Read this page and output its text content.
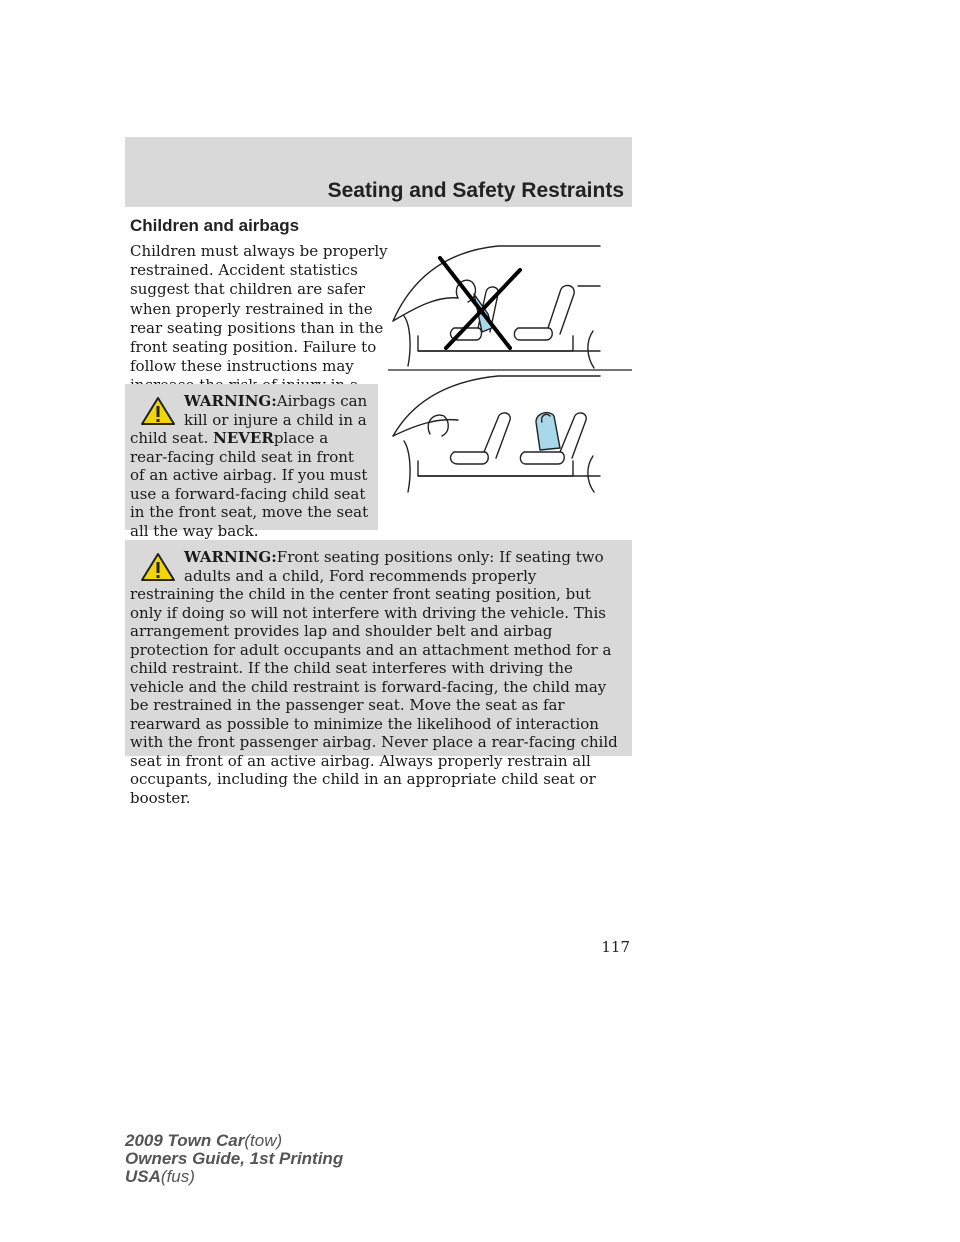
Seating and Safety Restraints
Children and airbags

Children must always be properly restrained. Accident statistics suggest that children are safer when properly restrained in the rear seating positions than in the front seating position. Failure to follow these instructions may

WARNING:Airbags can kill or injure a child in a child seat. NEVERplace a rear-facing child seat in front of an active airbag. If you must use a forward-facing child seat in the front seat, move the seat all the way back.

WARNING:Front seating positions only: If seating two adults and a child, Ford recommends properly restraining the child in the center front seating position, but only if doing so will not interfere with driving the vehicle. This arrangement provides lap and shoulder belt and airbag protection for adult occupants and an attachment method for a child restraint. If the child seat interferes with driving the vehicle and the child restraint is forward-facing, the child may be restrained in the passenger seat. Move the seat as far rearward as possible to minimize the likelihood of interaction with the front passenger airbag. Never place a rear-facing child seat in front of an active airbag. Always properly restrain all occupants, including the child in an appropriate child seat or booster.

117
2009 Town Car(tow)
Owners Guide, 1st Printing
USA(fus)
